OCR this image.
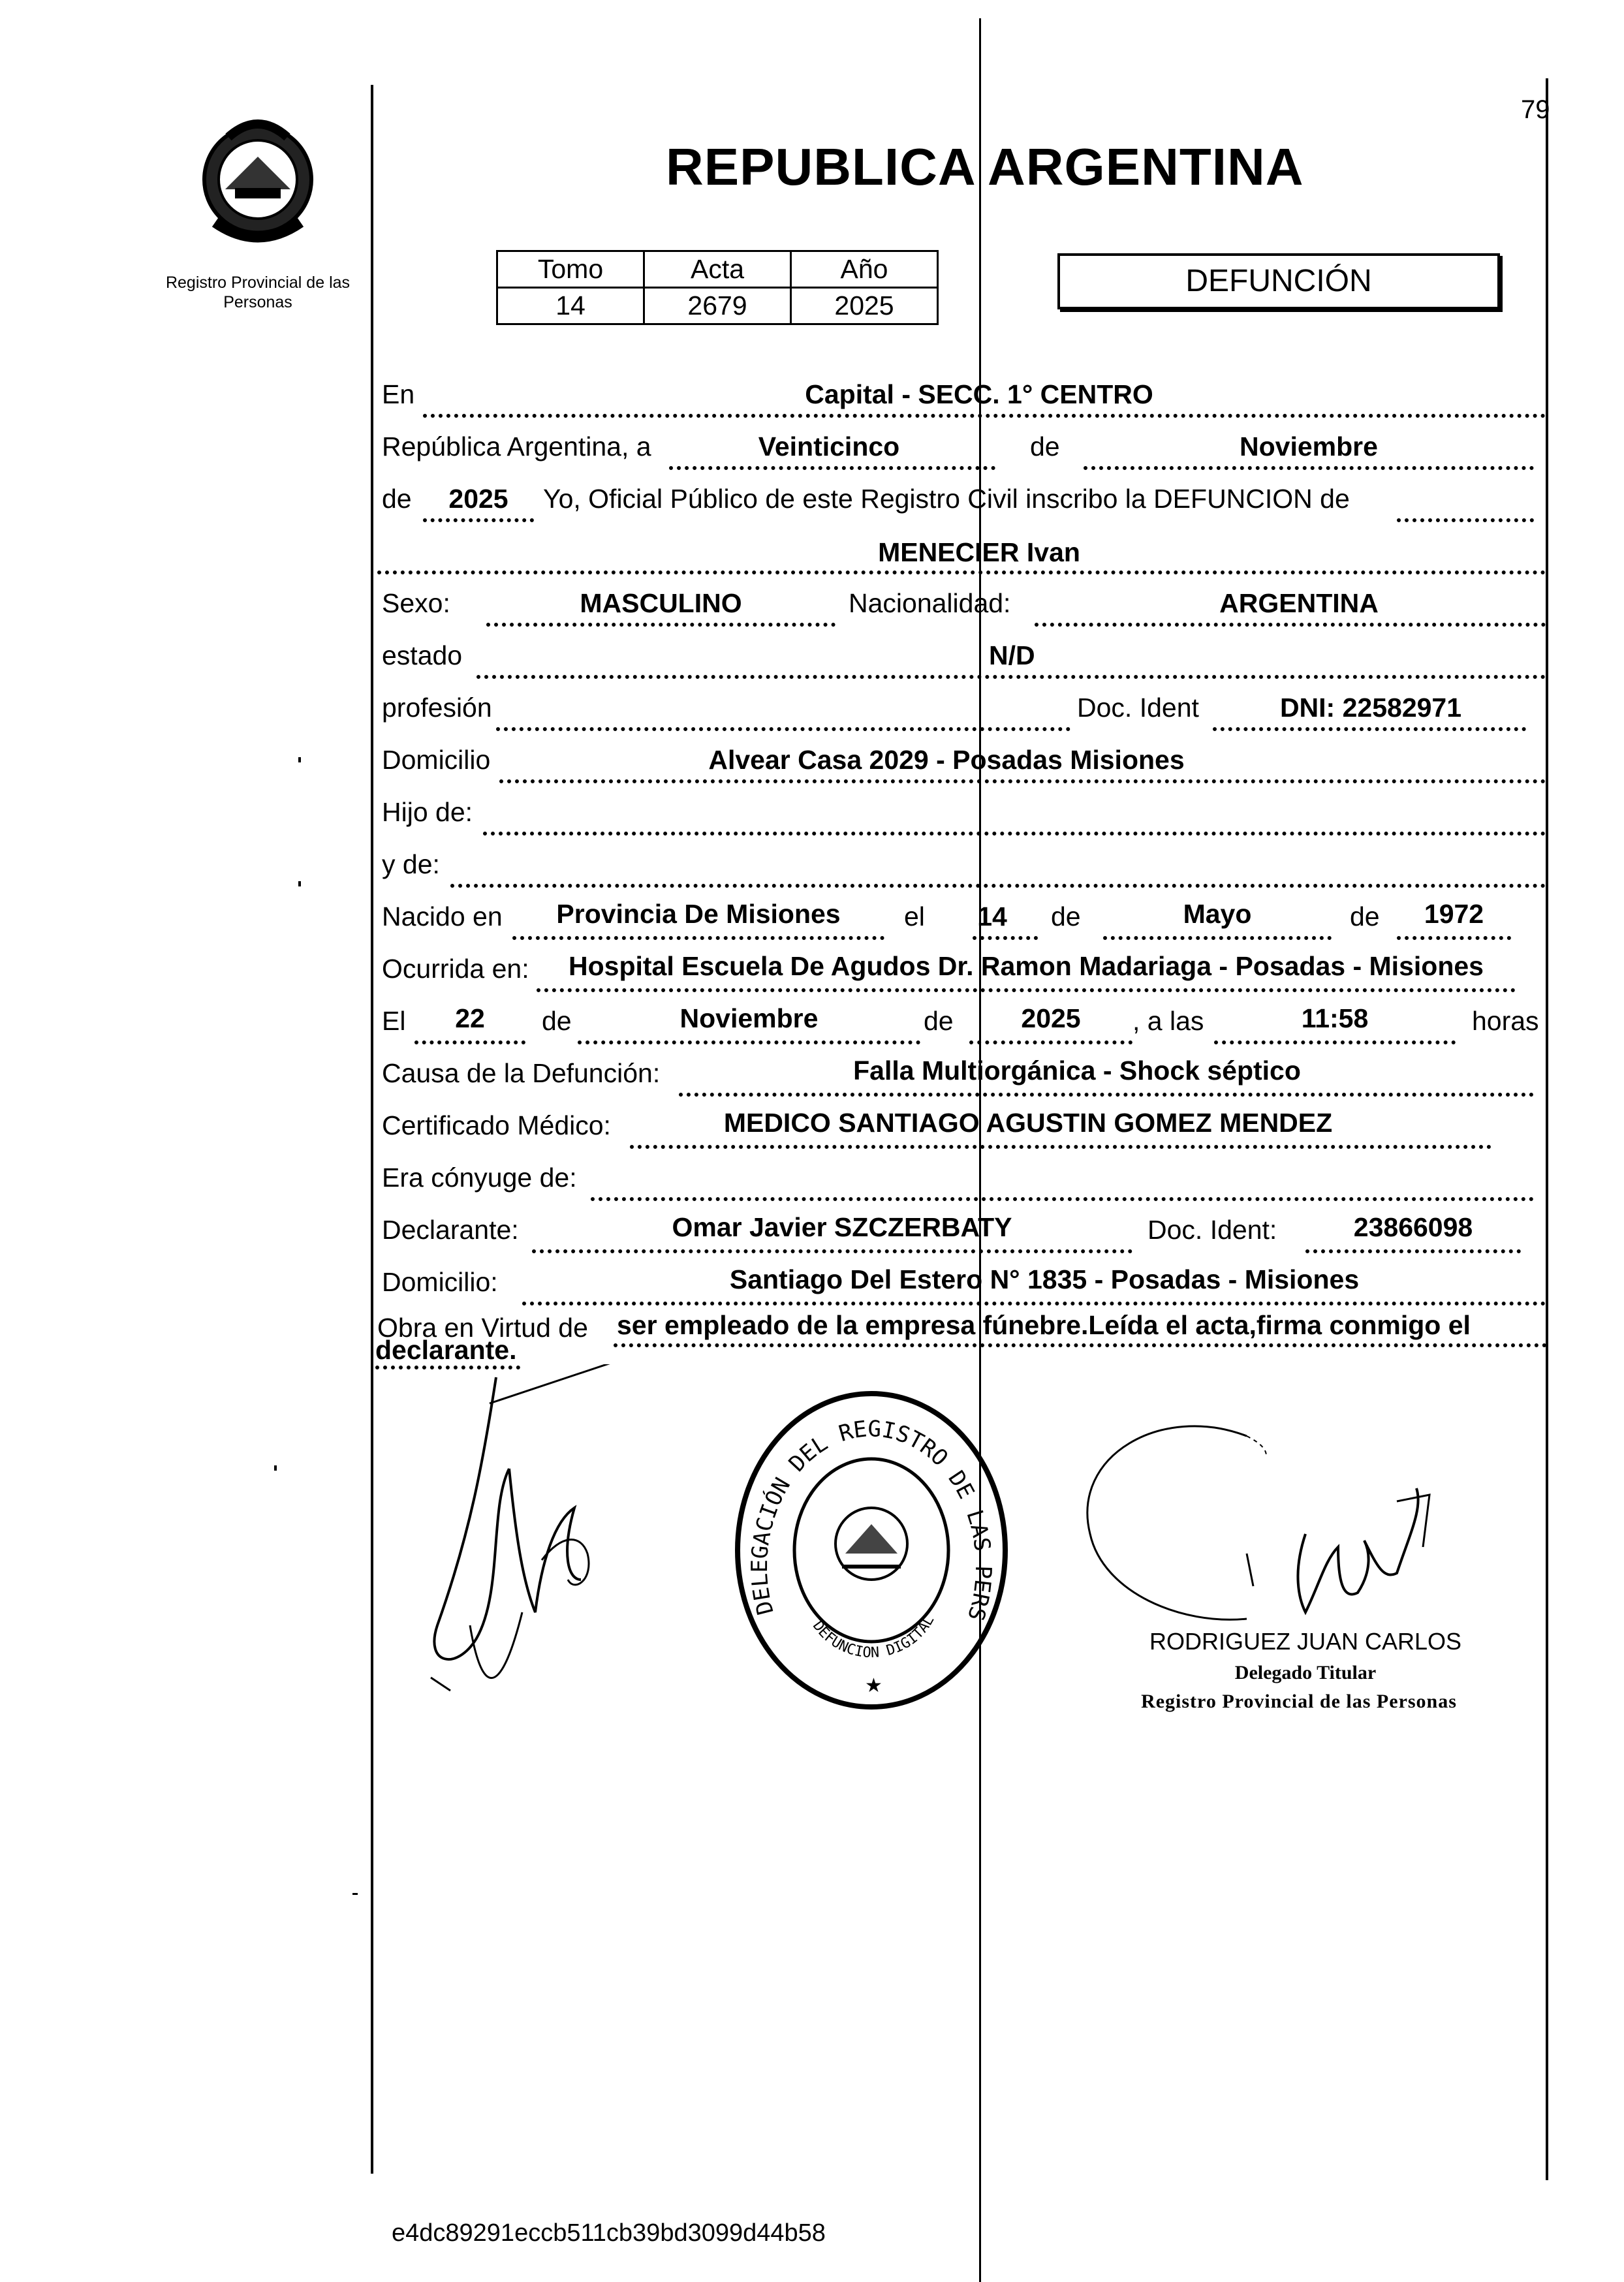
79
Registro Provincial de las Personas
REPUBLICA ARGENTINA
Tomo	Acta	Año
14	2679	2025
DEFUNCIÓN
En	Capital - SECC. 1° CENTRO
República Argentina, a	Veinticinco	de	Noviembre
de	2025	Yo, Oficial Público de este Registro Civil inscribo la DEFUNCION de
MENECIER Ivan
Sexo:	MASCULINO	Nacionalidad:	ARGENTINA
estado	N/D
profesión	Doc. Ident	DNI: 22582971
Domicilio	Alvear Casa 2029 - Posadas Misiones
Hijo de:
y de:
Nacido en	Provincia De Misiones	el 14 de	Mayo	de	1972
Ocurrida en:	Hospital Escuela De Agudos Dr. Ramon Madariaga - Posadas - Misiones
El	22	de	Noviembre	de	2025	, a las	11:58	horas
Causa de la Defunción:	Falla Multiorgánica - Shock séptico
Certificado Médico:	MEDICO SANTIAGO AGUSTIN GOMEZ MENDEZ
Era cónyuge de:
Declarante:	Omar Javier SZCZERBATY	Doc. Ident:	23866098
Domicilio:	Santiago Del Estero N° 1835 - Posadas - Misiones
Obra en Virtud de ser empleado de la empresa fúnebre.Leída el acta,firma conmigo el
declarante.
DELEGACIÓN DEL REGISTRO DE LAS PERS
DEFUNCION DIGITAL
★
RODRIGUEZ JUAN CARLOS
Delegado Titular
Registro Provincial de las Personas
e4dc89291eccb511cb39bd3099d44b58
